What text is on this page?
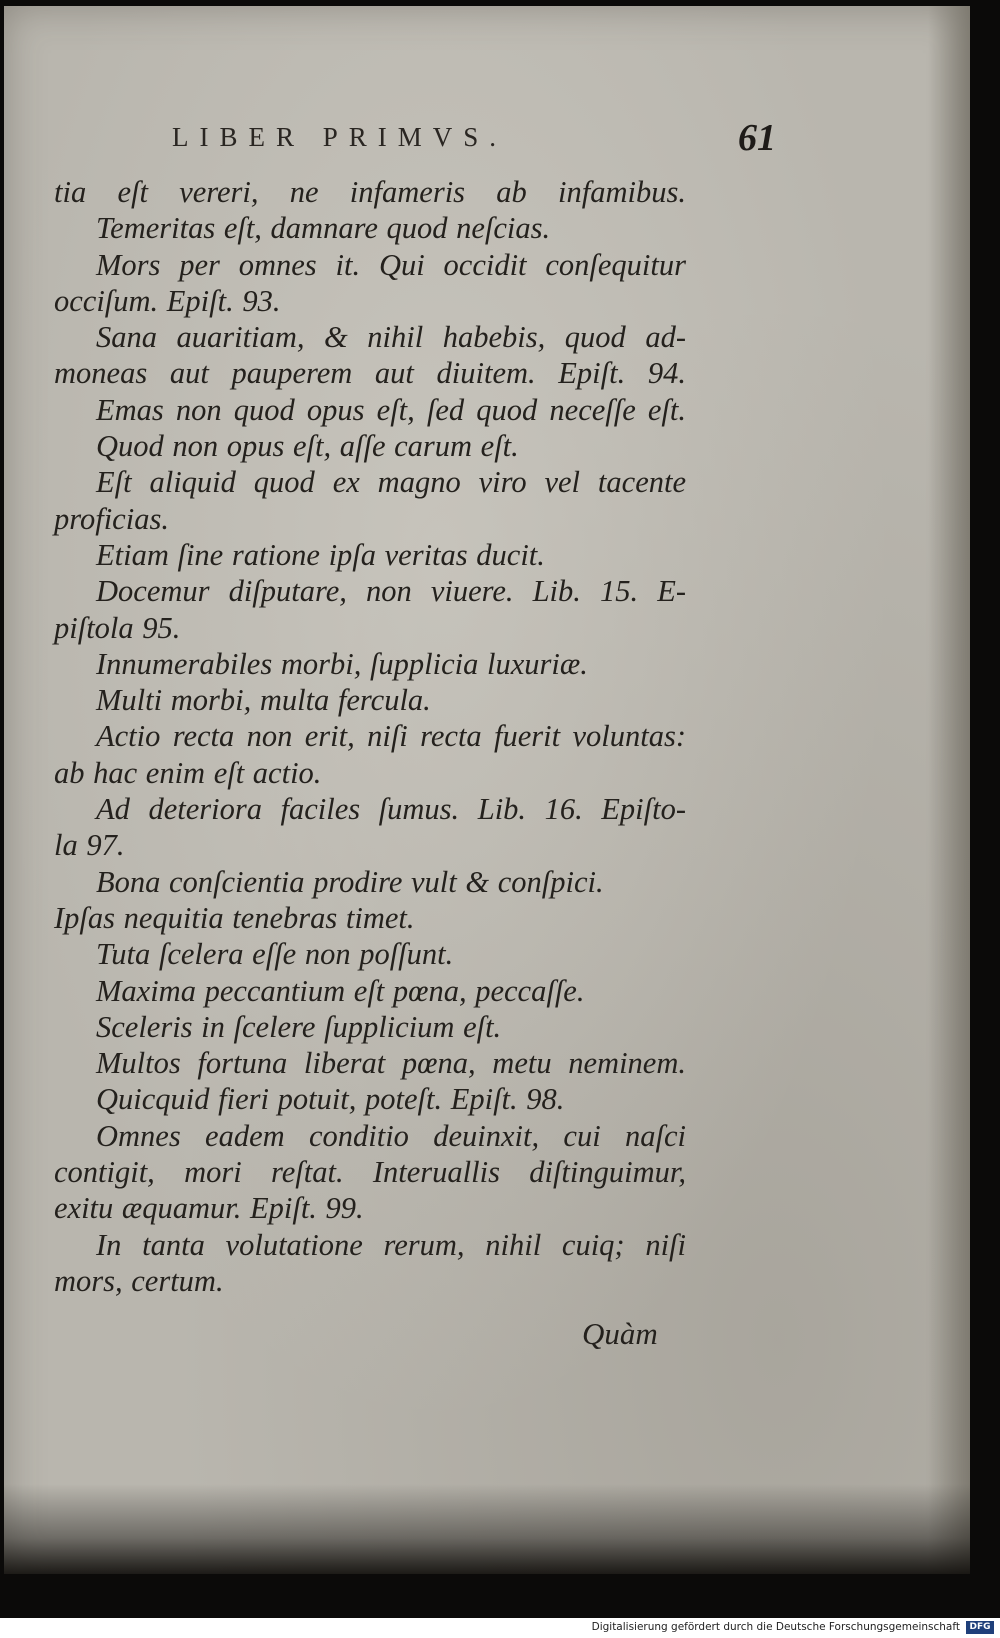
LIBER PRIMVS.	61
tia eſt vereri, ne infameris ab infamibus.
Temeritas eſt, damnare quod neſcias.
Mors per omnes it. Qui occidit conſequitur
occiſum. Epiſt. 93.
Sana auaritiam, & nihil habebis, quod ad-
moneas aut pauperem aut diuitem. Epiſt. 94.
Emas non quod opus eſt, ſed quod neceſſe eſt.
Quod non opus eſt, aſſe carum eſt.
Eſt aliquid quod ex magno viro vel tacente
proficias.
Etiam ſine ratione ipſa veritas ducit.
Docemur diſputare, non viuere. Lib. 15. E-
piſtola 95.
Innumerabiles morbi, ſupplicia luxuriæ.
Multi morbi, multa fercula.
Actio recta non erit, niſi recta fuerit voluntas:
ab hac enim eſt actio.
Ad deteriora faciles ſumus. Lib. 16. Epiſto-
la 97.
Bona conſcientia prodire vult & conſpici.
Ipſas nequitia tenebras timet.
Tuta ſcelera eſſe non poſſunt.
Maxima peccantium eſt pœna, peccaſſe.
Sceleris in ſcelere ſupplicium eſt.
Multos fortuna liberat pœna, metu neminem.
Quicquid fieri potuit, poteſt. Epiſt. 98.
Omnes eadem conditio deuinxit, cui naſci
contigit, mori reſtat. Interuallis diſtinguimur,
exitu æquamur. Epiſt. 99.
In tanta volutatione rerum, nihil cuiq; niſi
mors, certum.
Quàm
Digitalisierung gefördert durch die Deutsche Forschungsgemeinschaft	DFG
